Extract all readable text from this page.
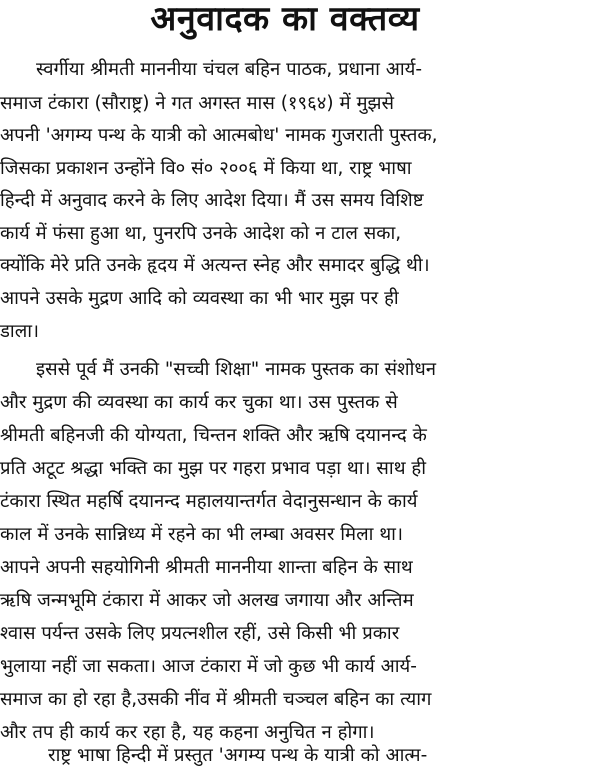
अनुवादक का वक्तव्य
स्वर्गीया श्रीमती माननीया चंचल बहिन पाठक, प्रधाना आर्य-
समाज टंकारा (सौराष्ट्र) ने गत अगस्त मास (१९६४) में मुझसे
अपनी 'अगम्य पन्थ के यात्री को आत्मबोध' नामक गुजराती पुस्तक,
जिसका प्रकाशन उन्होंने वि० सं० २००६ में किया था, राष्ट्र भाषा
हिन्दी में अनुवाद करने के लिए आदेश दिया। मैं उस समय विशिष्ट
कार्य में फंसा हुआ था, पुनरपि उनके आदेश को न टाल सका,
क्योंकि मेरे प्रति उनके हृदय में अत्यन्त स्नेह और समादर बुद्धि थी।
आपने उसके मुद्रण आदि को व्यवस्था का भी भार मुझ पर ही
डाला।
इससे पूर्व मैं उनकी "सच्ची शिक्षा" नामक पुस्तक का संशोधन
और मुद्रण की व्यवस्था का कार्य कर चुका था। उस पुस्तक से
श्रीमती बहिनजी की योग्यता, चिन्तन शक्ति और ऋषि दयानन्द के
प्रति अटूट श्रद्धा भक्ति का मुझ पर गहरा प्रभाव पड़ा था। साथ ही
टंकारा स्थित महर्षि दयानन्द महालयान्तर्गत वेदानुसन्धान के कार्य
काल में उनके सान्निध्य में रहने का भी लम्बा अवसर मिला था।
आपने अपनी सहयोगिनी श्रीमती माननीया शान्ता बहिन के साथ
ऋषि जन्मभूमि टंकारा में आकर जो अलख जगाया और अन्तिम
श्वास पर्यन्त उसके लिए प्रयत्नशील रहीं, उसे किसी भी प्रकार
भुलाया नहीं जा सकता। आज टंकारा में जो कुछ भी कार्य आर्य-
समाज का हो रहा है,उसकी नींव में श्रीमती चञ्चल बहिन का त्याग
और तप ही कार्य कर रहा है, यह कहना अनुचित न होगा।
राष्ट्र भाषा हिन्दी में प्रस्तुत 'अगम्य पन्थ के यात्री को आत्म-
